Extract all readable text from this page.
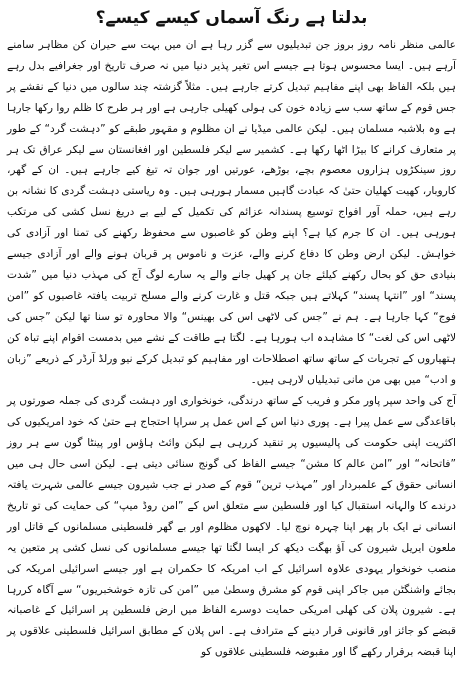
بدلتا ہے رنگ آسماں کیسے کیسے؟

عالمی منظر نامہ روز بروز جن تبدیلیوں سے گزر رہا ہے ان میں بہت سے حیران کن مظاہر سامنے آرہے ہیں۔ ایسا محسوس ہوتا ہے جیسے اس تغیر پذیر دنیا میں نہ صرف تاریخ اور جغرافیے بدل رہے ہیں بلکہ الفاظ بھی اپنے مفاہیم تبدیل کرتے جارہے ہیں۔ مثلاً گزشتہ چند سالوں میں دنیا کے نقشے پر جس قوم کے ساتھ سب سے زیادہ خون کی ہولی کھیلی جارہی ہے اور ہر طرح کا ظلم روا رکھا جارہا ہے وہ بلاشبہ مسلمان ہیں۔ لیکن عالمی میڈیا نے ان مظلوم و مقہور طبقے کو ”دہشت گرد“ کے طور پر متعارف کرانے کا بیڑا اٹھا رکھا ہے۔ کشمیر سے لیکر فلسطین اور افغانستان سے لیکر عراق تک ہر روز سینکڑوں ہزاروں معصوم بچے، بوڑھے، عورتیں اور جوان تہ تیغ کیے جارہے ہیں۔ ان کے گھر، کاروبار، کھیت کھلیان حتیٰ کہ عبادت گاہیں مسمار ہورہی ہیں۔ وہ ریاستی دہشت گردی کا نشانہ بن رہے ہیں، حملہ آور افواج توسیع پسندانہ عزائم کی تکمیل کے لیے بے دریغ نسل کشی کی مرتکب ہورہی ہیں۔ ان کا جرم کیا ہے؟ اپنے وطن کو غاصبوں سے محفوظ رکھنے کی تمنا اور آزادی کی خواہش۔ لیکن ارض وطن کا دفاع کرنے والے، عزت و ناموس پر قربان ہونے والے اور آزادی جیسے بنیادی حق کو بحال رکھنے کیلئے جان پر کھیل جانے والے یہ سارے لوگ آج کی مہذب دنیا میں ”شدت پسند“ اور ”انتہا پسند“ کہلاتے ہیں جبکہ قتل و غارت کرنے والے مسلح تربیت یافتہ غاصبوں کو ”امن فوج“ کہا جارہا ہے۔ ہم نے ”جس کی لاٹھی اس کی بھینس“ والا محاورہ تو سنا تھا لیکن ”جس کی لاٹھی اس کی لغت“ کا مشاہدہ اب ہورہا ہے۔ لگتا ہے طاقت کے نشے میں بدمست اقوام اپنے تباہ کن ہتھیاروں کے تجربات کے ساتھ ساتھ اصطلاحات اور مفاہیم کو تبدیل کرکے نیو ورلڈ آرڈر کے ذریعے ”زبان و ادب“ میں بھی من مانی تبدیلیاں لارہی ہیں۔

آج کی واحد سپر پاور مکر و فریب کے ساتھ درندگی، خونخواری اور دہشت گردی کی جملہ صورتوں پر باقاعدگی سے عمل پیرا ہے۔ پوری دنیا اس کے اس عمل پر سراپا احتجاج ہے حتیٰ کہ خود امریکیوں کی اکثریت اپنی حکومت کی پالیسیوں پر تنقید کررہی ہے لیکن وائٹ ہاؤس اور پینٹا گون سے ہر روز ”فاتحانہ“ اور ”امن عالم کا مشن“ جیسے الفاظ کی گونج سنائی دیتی ہے۔ لیکن اسی حال ہی میں انسانی حقوق کے علمبردار اور ”مہذب ترین“ قوم کے صدر نے جب شیرون جیسے عالمی شہرت یافتہ درندے کا والہانہ استقبال کیا اور فلسطین سے متعلق اس کے ”امن روڈ میپ“ کی حمایت کی تو تاریخ انسانی نے ایک بار پھر اپنا چہرہ نوچ لیا۔ لاکھوں مظلوم اور بے گھر فلسطینی مسلمانوں کے قاتل اور ملعون ایریل شیرون کی آؤ بھگت دیکھ کر ایسا لگتا تھا جیسے مسلمانوں کی نسل کشی پر متعین یہ منصب خونخوار یہودی علاوہ اسرائیل کے اب امریکہ کا حکمران ہے اور جیسے اسرائیلی امریکہ کی بجائے واشنگٹن میں جاکر اپنی قوم کو مشرق وسطیٰ میں ”امن کی تازہ خوشخبریوں“ سے آگاہ کررہا ہے۔ شیرون پلان کی کھلی امریکی حمایت دوسرے الفاظ میں ارض فلسطین پر اسرائیل کے غاصبانہ قبضے کو جائز اور قانونی قرار دینے کے مترادف ہے۔ اس پلان کے مطابق اسرائیل فلسطینی علاقوں پر اپنا قبضہ برقرار رکھے گا اور مقبوضہ فلسطینی علاقوں کو
